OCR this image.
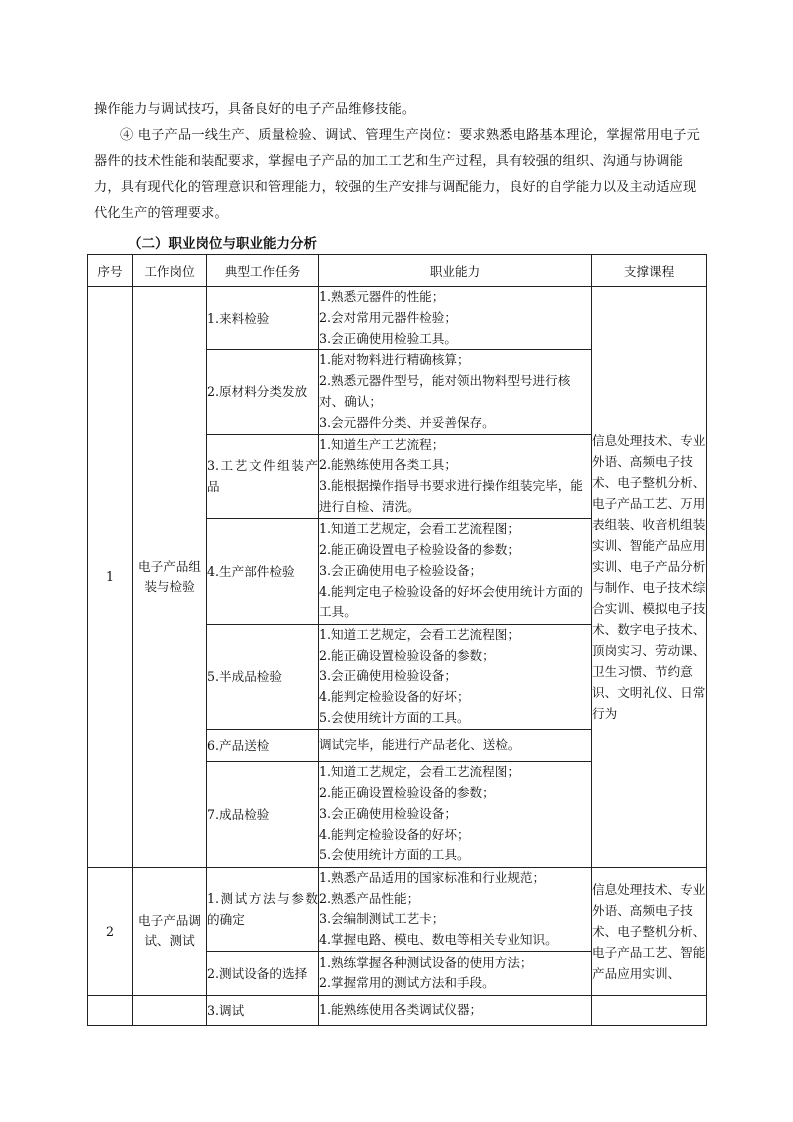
操作能力与调试技巧，具备良好的电子产品维修技能。

④ 电子产品一线生产、质量检验、调试、管理生产岗位：要求熟悉电路基本理论，掌握常用电子元器件的技术性能和装配要求，掌握电子产品的加工工艺和生产过程，具有较强的组织、沟通与协调能力，具有现代化的管理意识和管理能力，较强的生产安排与调配能力，良好的自学能力以及主动适应现代化生产的管理要求。

（二）职业岗位与职业能力分析

序号	工作岗位	典型工作任务	职业能力	支撑课程
1	电子产品组装与检验	1.来料检验	1.熟悉元器件的性能；
2.会对常用元器件检验；
3.会正确使用检验工具。	信息处理技术、专业外语、高频电子技术、电子整机分析、电子产品工艺、万用表组装、收音机组装实训、智能产品应用实训、电子产品分析与制作、电子技术综合实训、模拟电子技术、数字电子技术、顶岗实习、劳动课、卫生习惯、节约意识、文明礼仪、日常行为
		2.原材料分类发放	1.能对物料进行精确核算；
2.熟悉元器件型号，能对领出物料型号进行核对、确认；
3.会元器件分类、并妥善保存。	

		3.工艺文件组装产品	1.知道生产工艺流程；
2.能熟练使用各类工具；
3.能根据操作指导书要求进行操作组装完毕，能进行自检、清洗。	

		4.生产部件检验	1.知道工艺规定，会看工艺流程图；
2.能正确设置电子检验设备的参数；
3.会正确使用电子检验设备；
4.能判定电子检验设备的好坏会使用统计方面的工具。	

		5.半成品检验	1.知道工艺规定，会看工艺流程图；
2.能正确设置检验设备的参数；
3.会正确使用检验设备；
4.能判定检验设备的好坏；
5.会使用统计方面的工具。	

		6.产品送检	调试完毕，能进行产品老化、送检。	

		7.成品检验	1.知道工艺规定，会看工艺流程图；
2.能正确设置检验设备的参数；
3.会正确使用检验设备；
4.能判定检验设备的好坏；
5.会使用统计方面的工具。	

2	电子产品调试、测试	1.测试方法与参数的确定	1.熟悉产品适用的国家标准和行业规范；
2.熟悉产品性能；
3.会编制测试工艺卡；
4.掌握电路、模电、数电等相关专业知识。	信息处理技术、专业外语、高频电子技术、电子整机分析、电子产品工艺、智能产品应用实训、
		2.测试设备的选择	1.熟练掌握各种测试设备的使用方法；
2.掌握常用的测试方法和手段。	

		3.调试	1.能熟练使用各类调试仪器；	
